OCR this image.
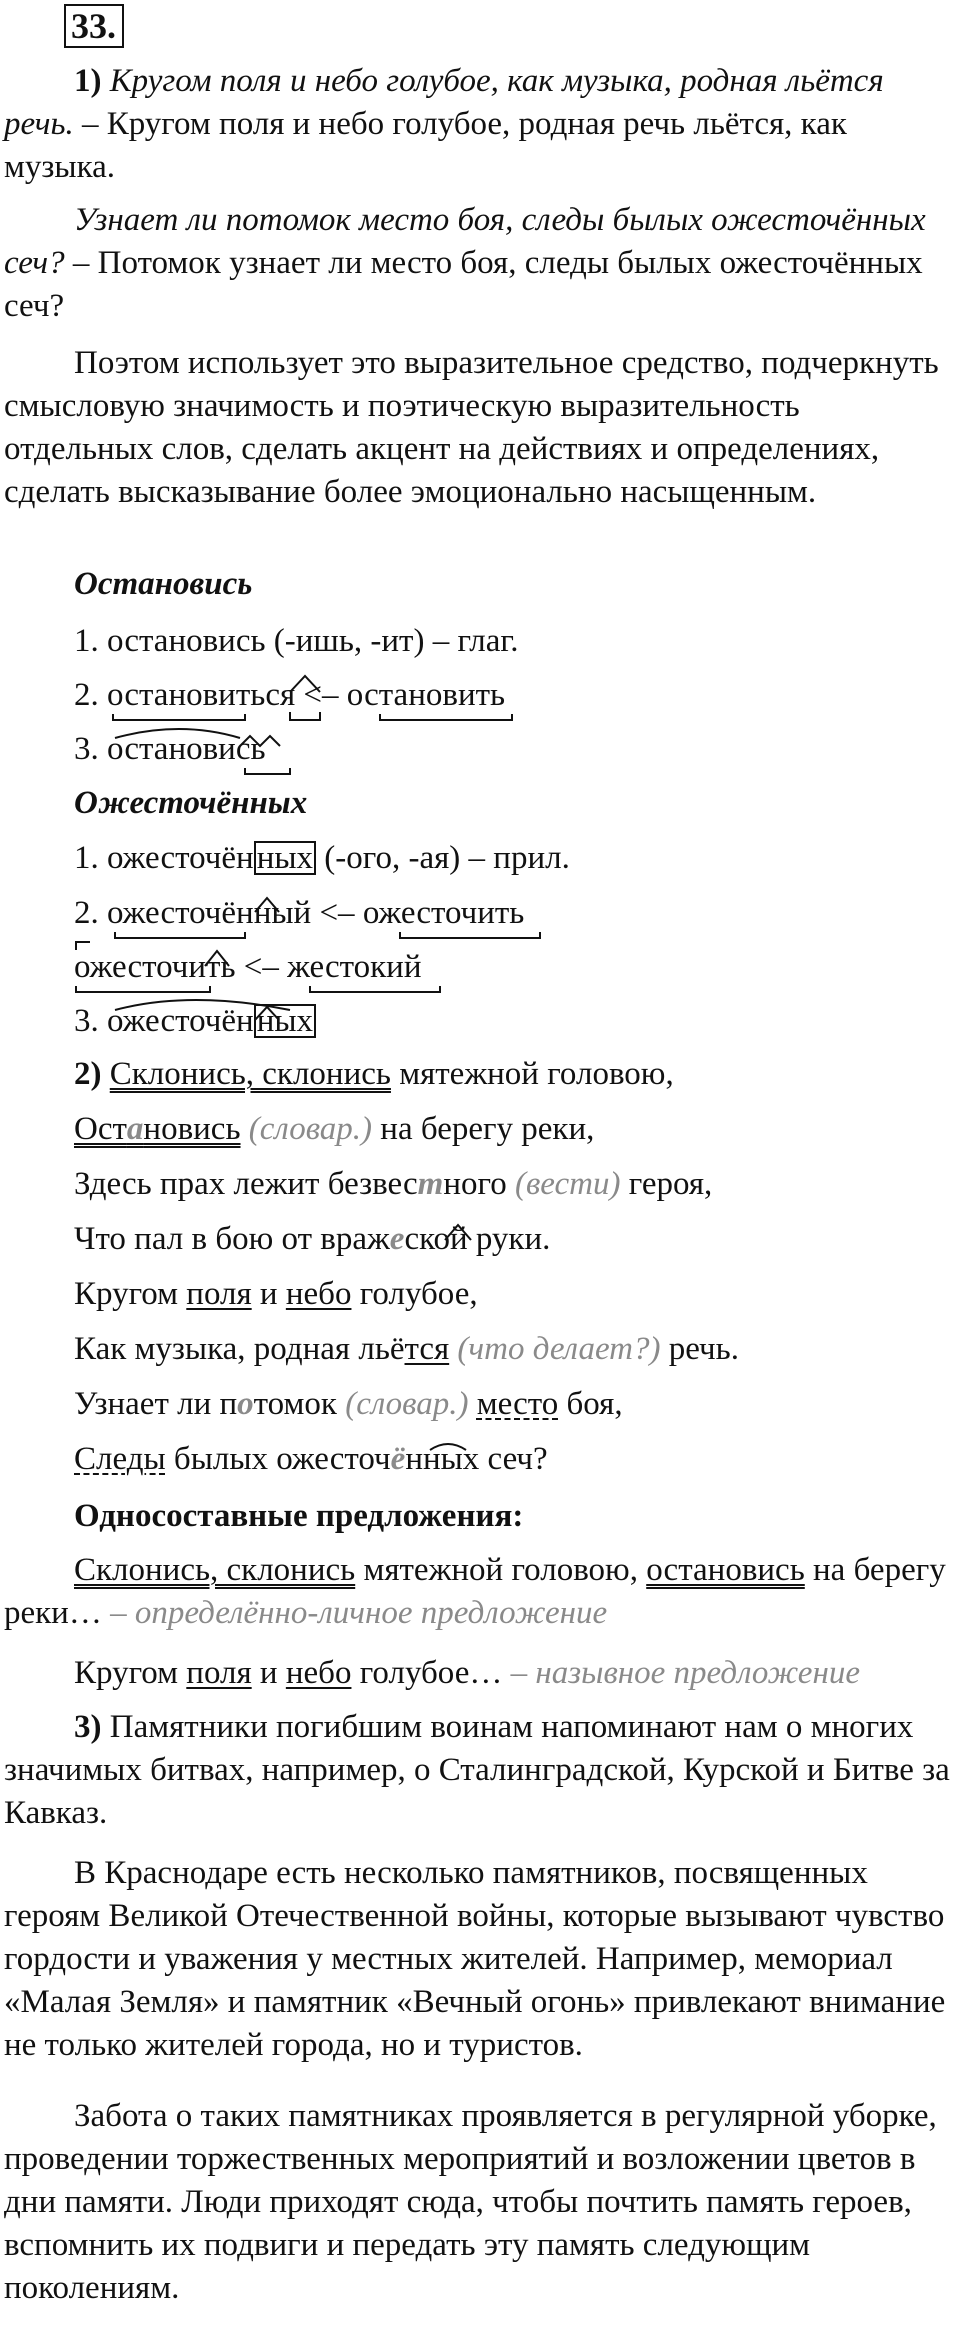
33.

1) Кругом поля и небо голубое, как музыка, родная льётся речь. – Кругом поля и небо голубое, родная речь льётся, как музыка.

Узнает ли потомок место боя, следы былых ожесточённых сеч? – Потомок узнает ли место боя, следы былых ожесточённых сеч?

Поэтом использует это выразительное средство, подчеркнуть смысловую значимость и поэтическую выразительность отдельных слов, сделать акцент на действиях и определениях, сделать высказывание более эмоционально насыщенным.

Остановись
1. остановись (-ишь, -ит) – глаг.
2. остановиться <– остановить
3. остановись
Ожесточённых
1. ожесточённых (-ого, -ая) – прил.
2. ожесточённый <– ожесточить
ожесточить <– жестокий
3. ожесточённых
2) Склонись, склонись мятежной головою,
Остановись (словар.) на берегу реки,
Здесь прах лежит безвестного (вести) героя,
Что пал в бою от вражеской руки.
Кругом поля и небо голубое,
Как музыка, родная льётся (что делает?) речь.
Узнает ли потомок (словар.) место боя,
Следы былых ожесточённых сеч?
Односоставные предложения:

Склонись, склонись мятежной головою, остановись на берегу реки… – определённо-личное предложение

Кругом поля и небо голубое… – назывное предложение

3) Памятники погибшим воинам напоминают нам о многих значимых битвах, например, о Сталинградской, Курской и Битве за Кавказ.

В Краснодаре есть несколько памятников, посвященных героям Великой Отечественной войны, которые вызывают чувство гордости и уважения у местных жителей. Например, мемориал «Малая Земля» и памятник «Вечный огонь» привлекают внимание не только жителей города, но и туристов.

Забота о таких памятниках проявляется в регулярной уборке, проведении торжественных мероприятий и возложении цветов в дни памяти. Люди приходят сюда, чтобы почтить память героев, вспомнить их подвиги и передать эту память следующим поколениям.
